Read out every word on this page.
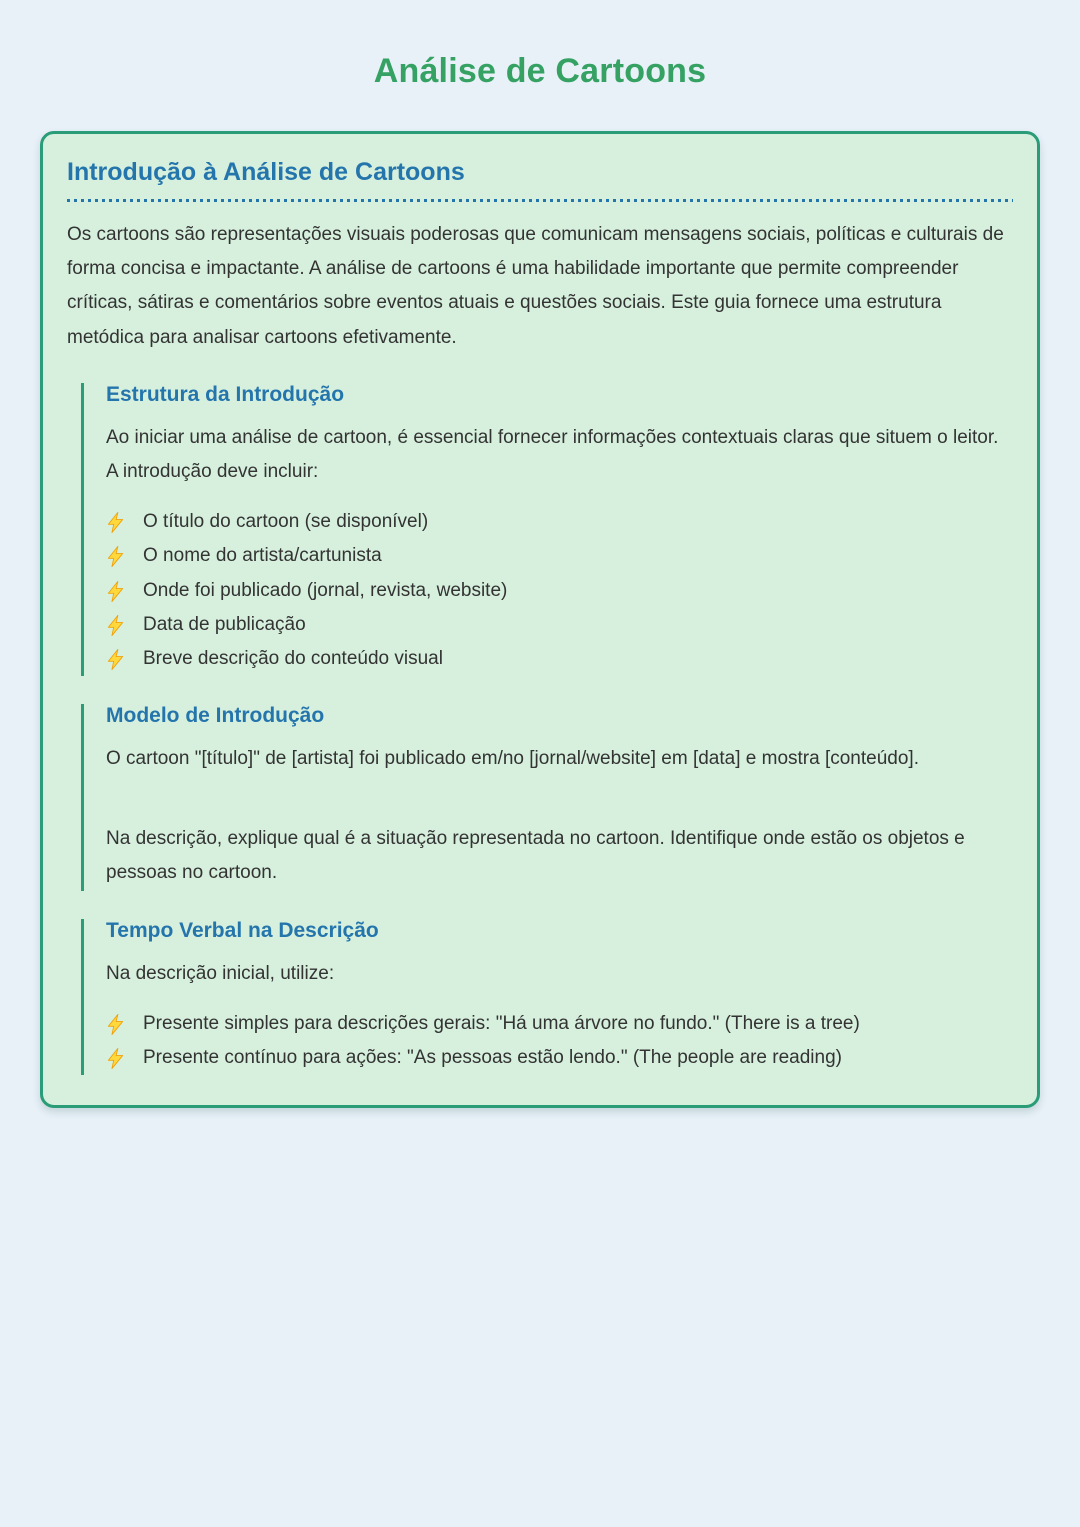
Análise de Cartoons
Introdução à Análise de Cartoons

Os cartoons são representações visuais poderosas que comunicam mensagens sociais, políticas e culturais de forma concisa e impactante. A análise de cartoons é uma habilidade importante que permite compreender críticas, sátiras e comentários sobre eventos atuais e questões sociais. Este guia fornece uma estrutura metódica para analisar cartoons efetivamente.

Estrutura da Introdução

Ao iniciar uma análise de cartoon, é essencial fornecer informações contextuais claras que situem o leitor. A introdução deve incluir:

O título do cartoon (se disponível)
O nome do artista/cartunista
Onde foi publicado (jornal, revista, website)
Data de publicação
Breve descrição do conteúdo visual
Modelo de Introdução

O cartoon "[título]" de [artista] foi publicado em/no [jornal/website] em [data] e mostra [conteúdo].

Na descrição, explique qual é a situação representada no cartoon. Identifique onde estão os objetos e pessoas no cartoon.

Tempo Verbal na Descrição

Na descrição inicial, utilize:

Presente simples para descrições gerais: "Há uma árvore no fundo." (There is a tree)
Presente contínuo para ações: "As pessoas estão lendo." (The people are reading)
